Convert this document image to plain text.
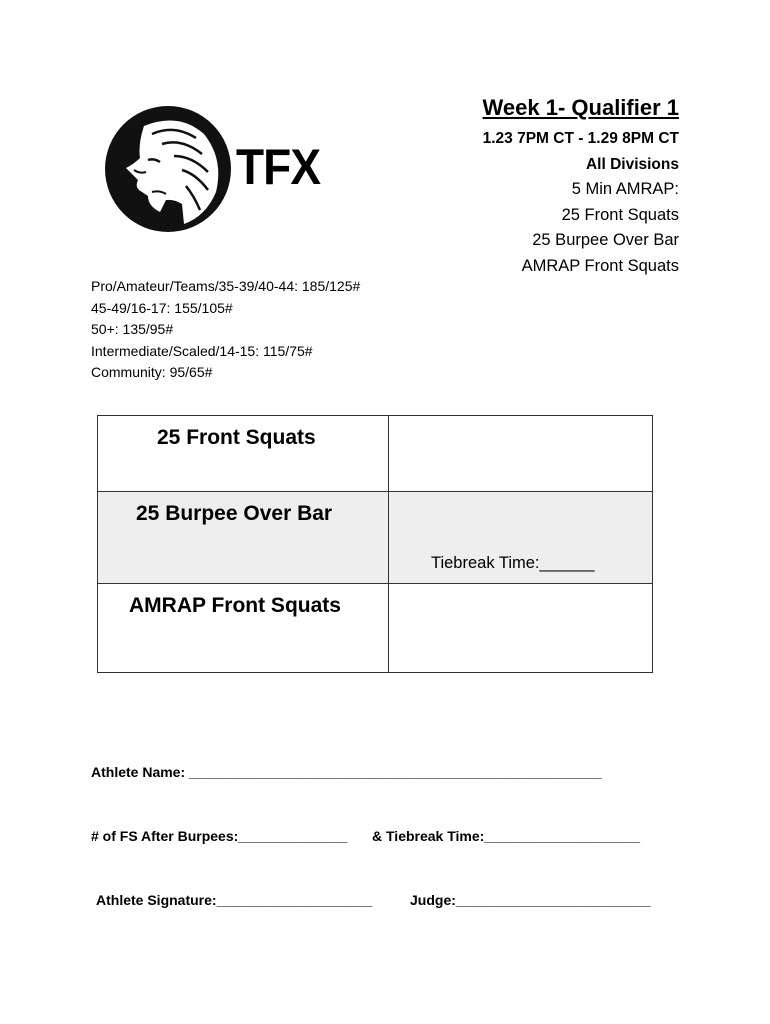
TFX
Week 1- Qualifier 1
1.23 7PM CT - 1.29 8PM CT
All Divisions
5 Min AMRAP:
25 Front Squats
25 Burpee Over Bar
AMRAP Front Squats
Pro/Amateur/Teams/35-39/40-44: 185/125#
45-49/16-17: 155/105#
50+: 135/95#
Intermediate/Scaled/14-15: 115/75#
Community: 95/65#
25 Front Squats	

25 Burpee Over Bar	Tiebreak Time:______

AMRAP Front Squats	

Athlete Name: _____________________________________________________
# of FS After Burpees:______________ & Tiebreak Time:____________________
Athlete Signature:____________________	Judge:_________________________
